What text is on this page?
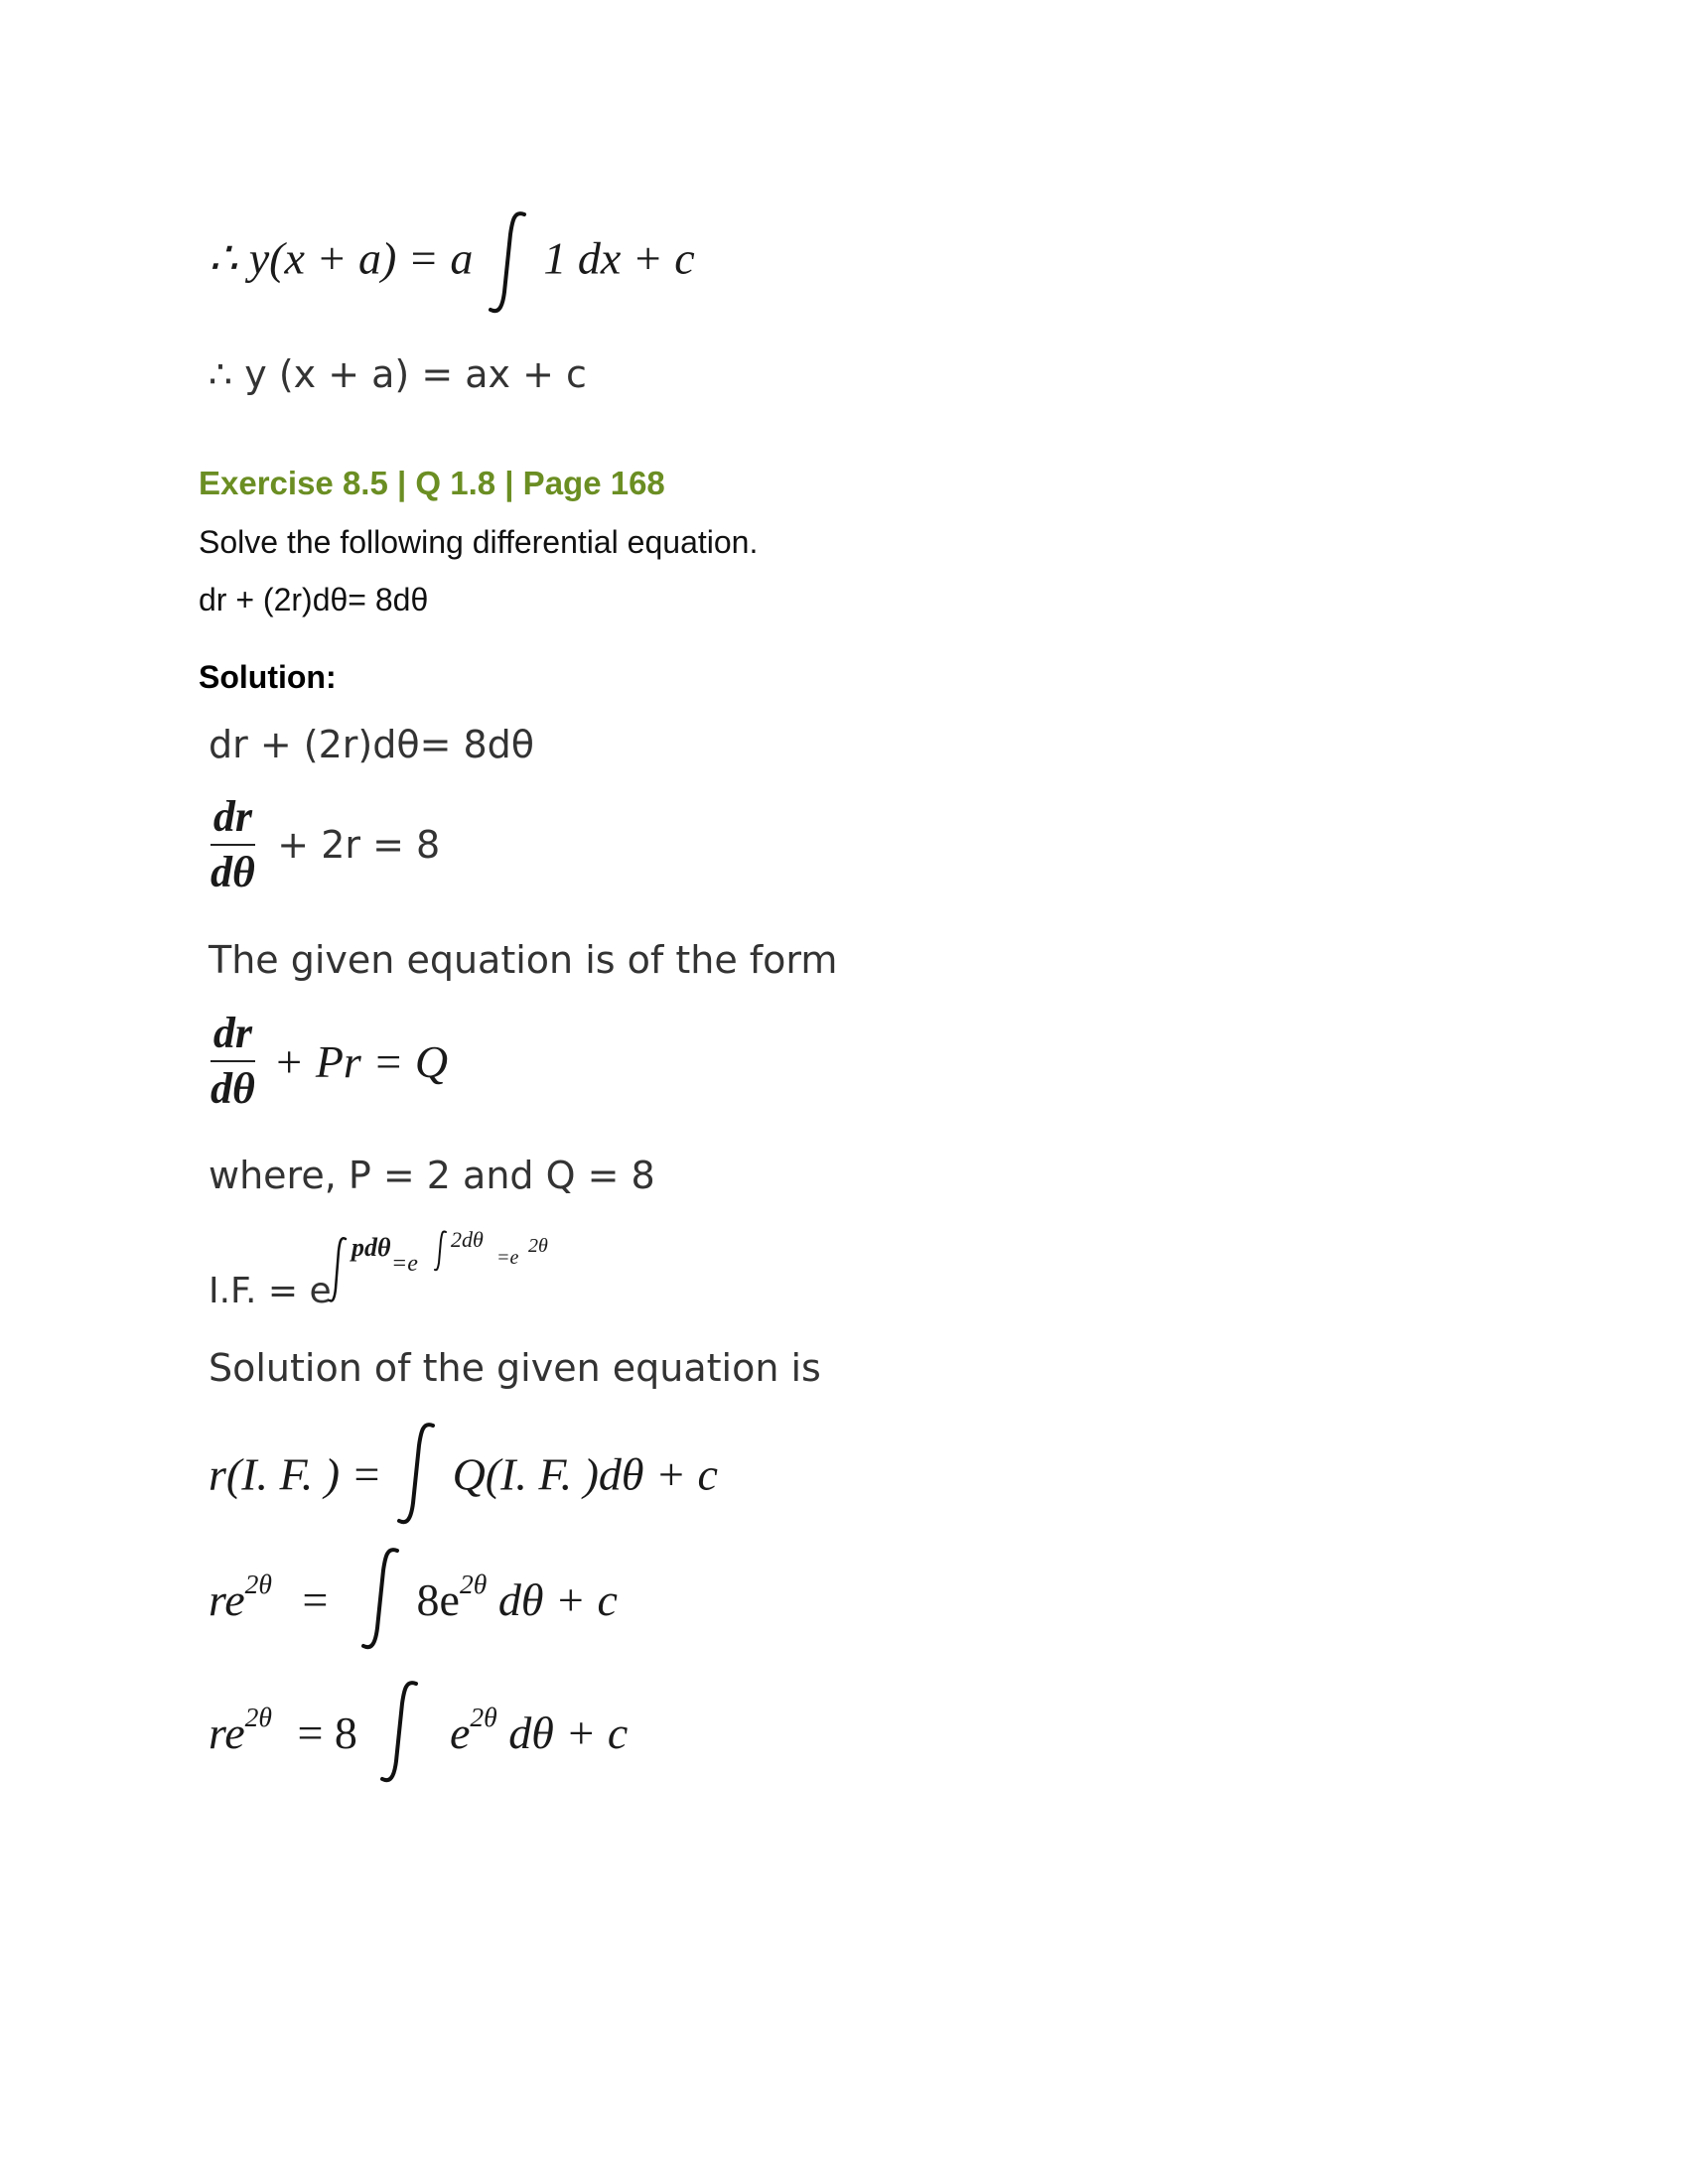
∴ y(x + a) = a 1 dx + c
∴ y (x + a) = ax + c
Exercise 8.5 | Q 1.8 | Page 168
Solve the following differential equation.
dr + (2r)dθ= 8dθ
Solution:
dr + (2r)dθ= 8dθ
$\frac{dr}{d\theta} + 2r = 8$
The given equation is of the form
$\frac{dr}{d\theta} + Pr = Q$
where, P = 2 and Q = 8
I.F. = e
pdθ
=e
2dθ
=e
2θ
Solution of the given equation is
r(I. F. ) = Q(I. F. )dθ + c
$re^{2\theta} = 8e^{2\theta}$ dθ + c
$re^{2\theta} = 8$ $e^{2\theta}$ dθ + c
